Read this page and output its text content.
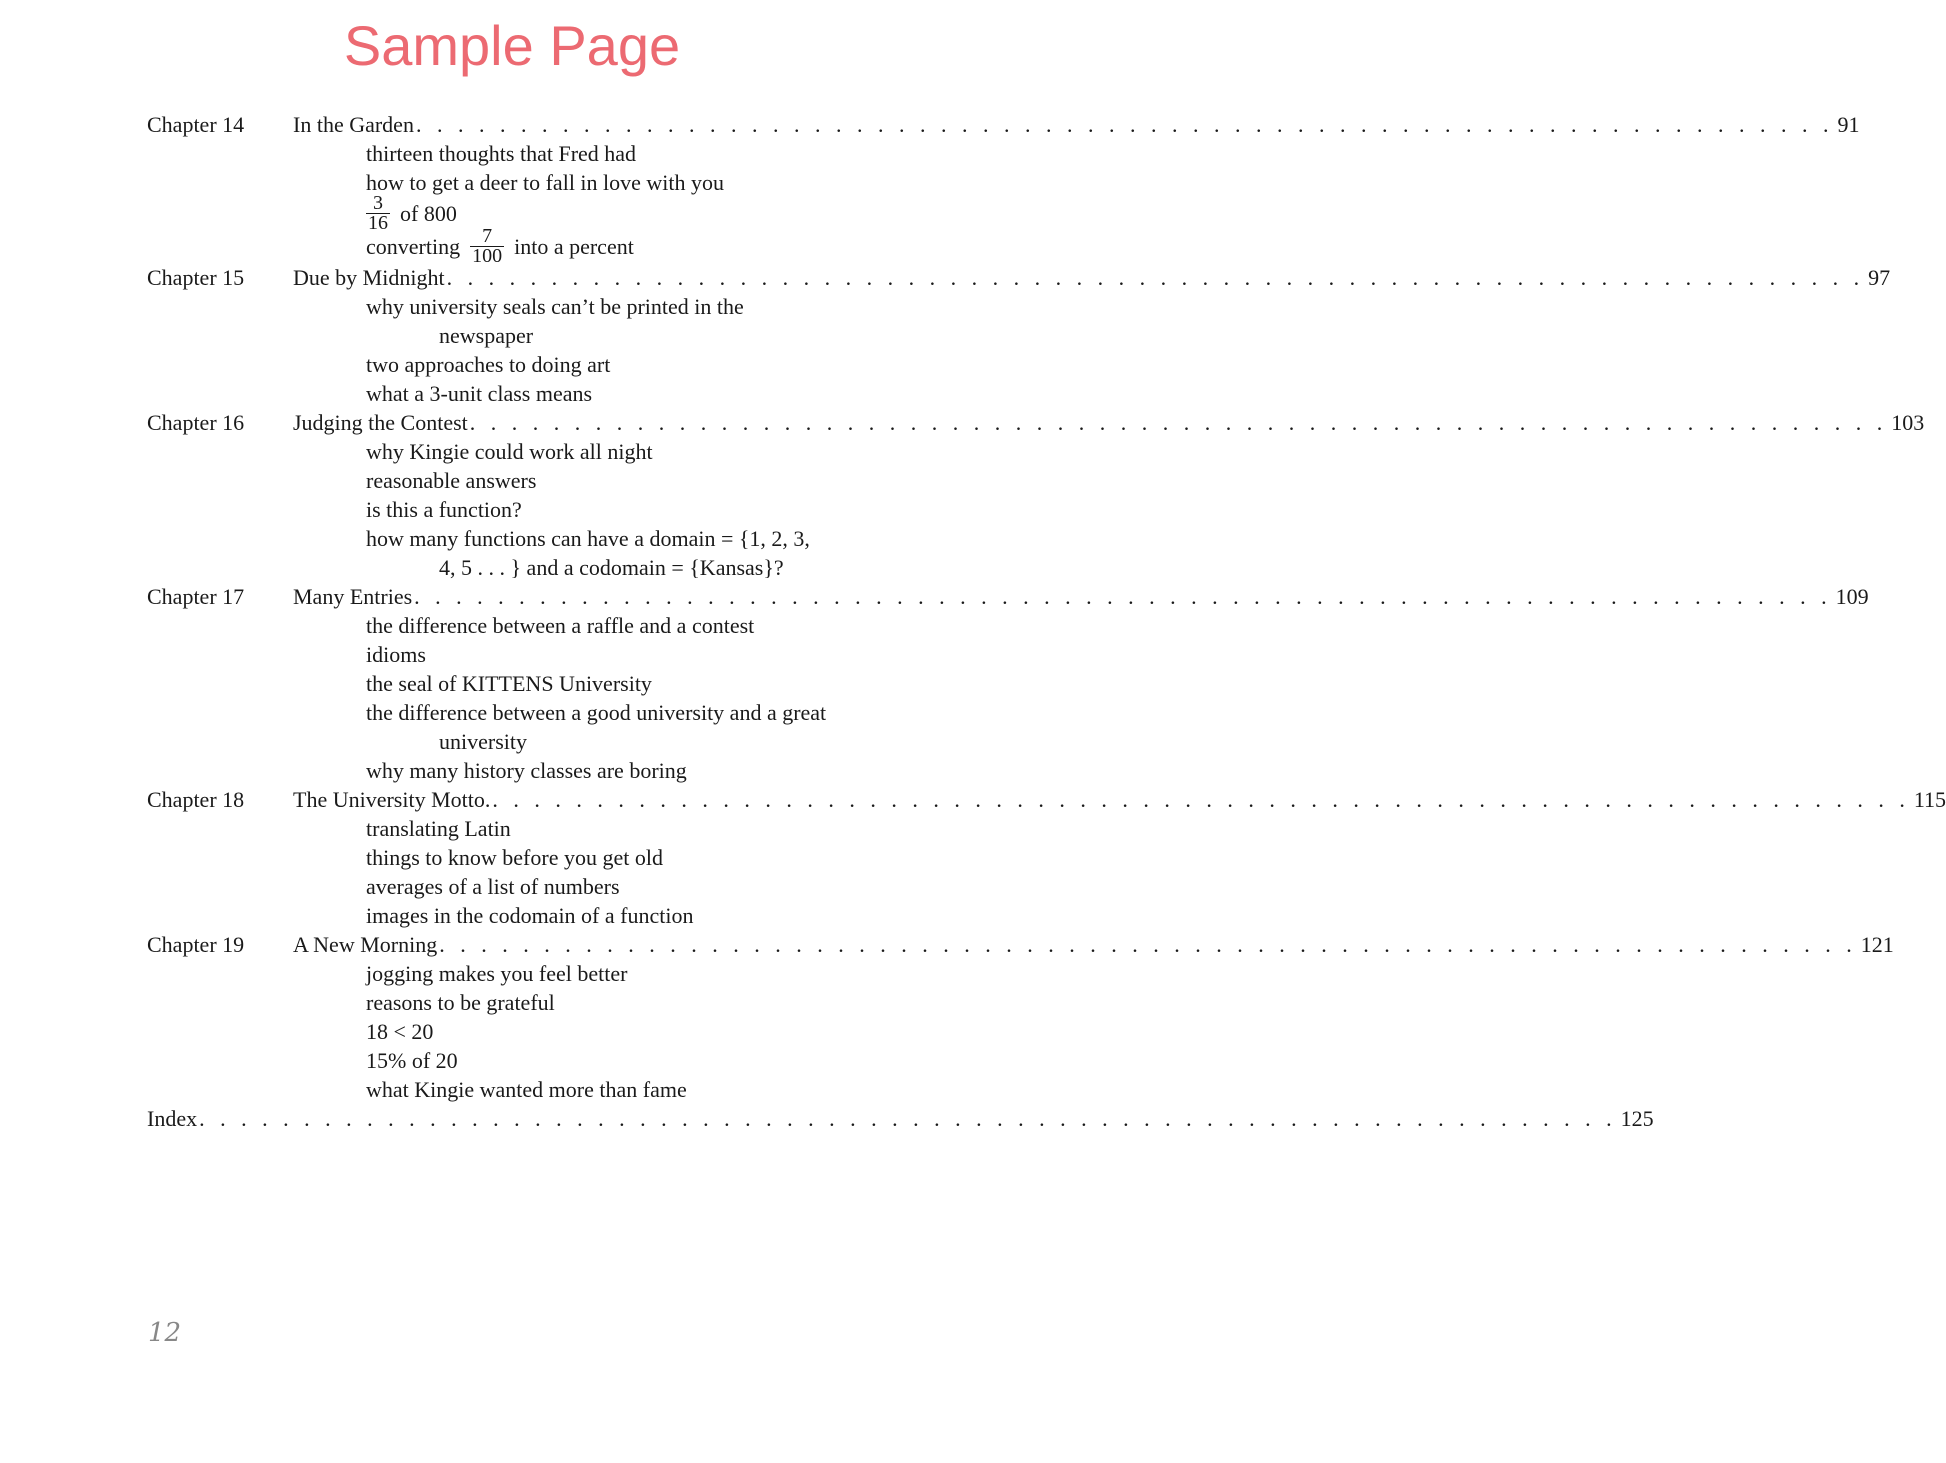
Sample Page
Chapter 14	In the Garden . . . . . . . . . . . . . . . . . . . . . . . . . . . . . . . . . . . . . . . . . . . . . . . . . . . . . . . . . . . . . . . . . . . . 91
thirteen thoughts that Fred had
how to get a deer to fall in love with you
$\frac{3}{16}$ of 800
converting $\frac{7}{100}$ into a percent
Chapter 15	Due by Midnight . . . . . . . . . . . . . . . . . . . . . . . . . . . . . . . . . . . . . . . . . . . . . . . . . . . . . . . . . . . . . . . . . . . . 97
why university seals can’t be printed in the
newspaper
two approaches to doing art
what a 3-unit class means
Chapter 16	Judging the Contest . . . . . . . . . . . . . . . . . . . . . . . . . . . . . . . . . . . . . . . . . . . . . . . . . . . . . . . . . . . . . . . . . . . . 103
why Kingie could work all night
reasonable answers
is this a function?
how many functions can have a domain = {1, 2, 3,
4, 5 . . . } and a codomain = {Kansas}?
Chapter 17	Many Entries . . . . . . . . . . . . . . . . . . . . . . . . . . . . . . . . . . . . . . . . . . . . . . . . . . . . . . . . . . . . . . . . . . . . 109
the difference between a raffle and a contest
idioms
the seal of KITTENS University
the difference between a good university and a great
university
why many history classes are boring
Chapter 18	The University Motto. . . . . . . . . . . . . . . . . . . . . . . . . . . . . . . . . . . . . . . . . . . . . . . . . . . . . . . . . . . . . . . . . . . . . 115
translating Latin
things to know before you get old
averages of a list of numbers
images in the codomain of a function
Chapter 19	A New Morning . . . . . . . . . . . . . . . . . . . . . . . . . . . . . . . . . . . . . . . . . . . . . . . . . . . . . . . . . . . . . . . . . . . . 121
jogging makes you feel better
reasons to be grateful
18 < 20
15% of 20
what Kingie wanted more than fame
Index . . . . . . . . . . . . . . . . . . . . . . . . . . . . . . . . . . . . . . . . . . . . . . . . . . . . . . . . . . . . . . . . . . . . 125
12
